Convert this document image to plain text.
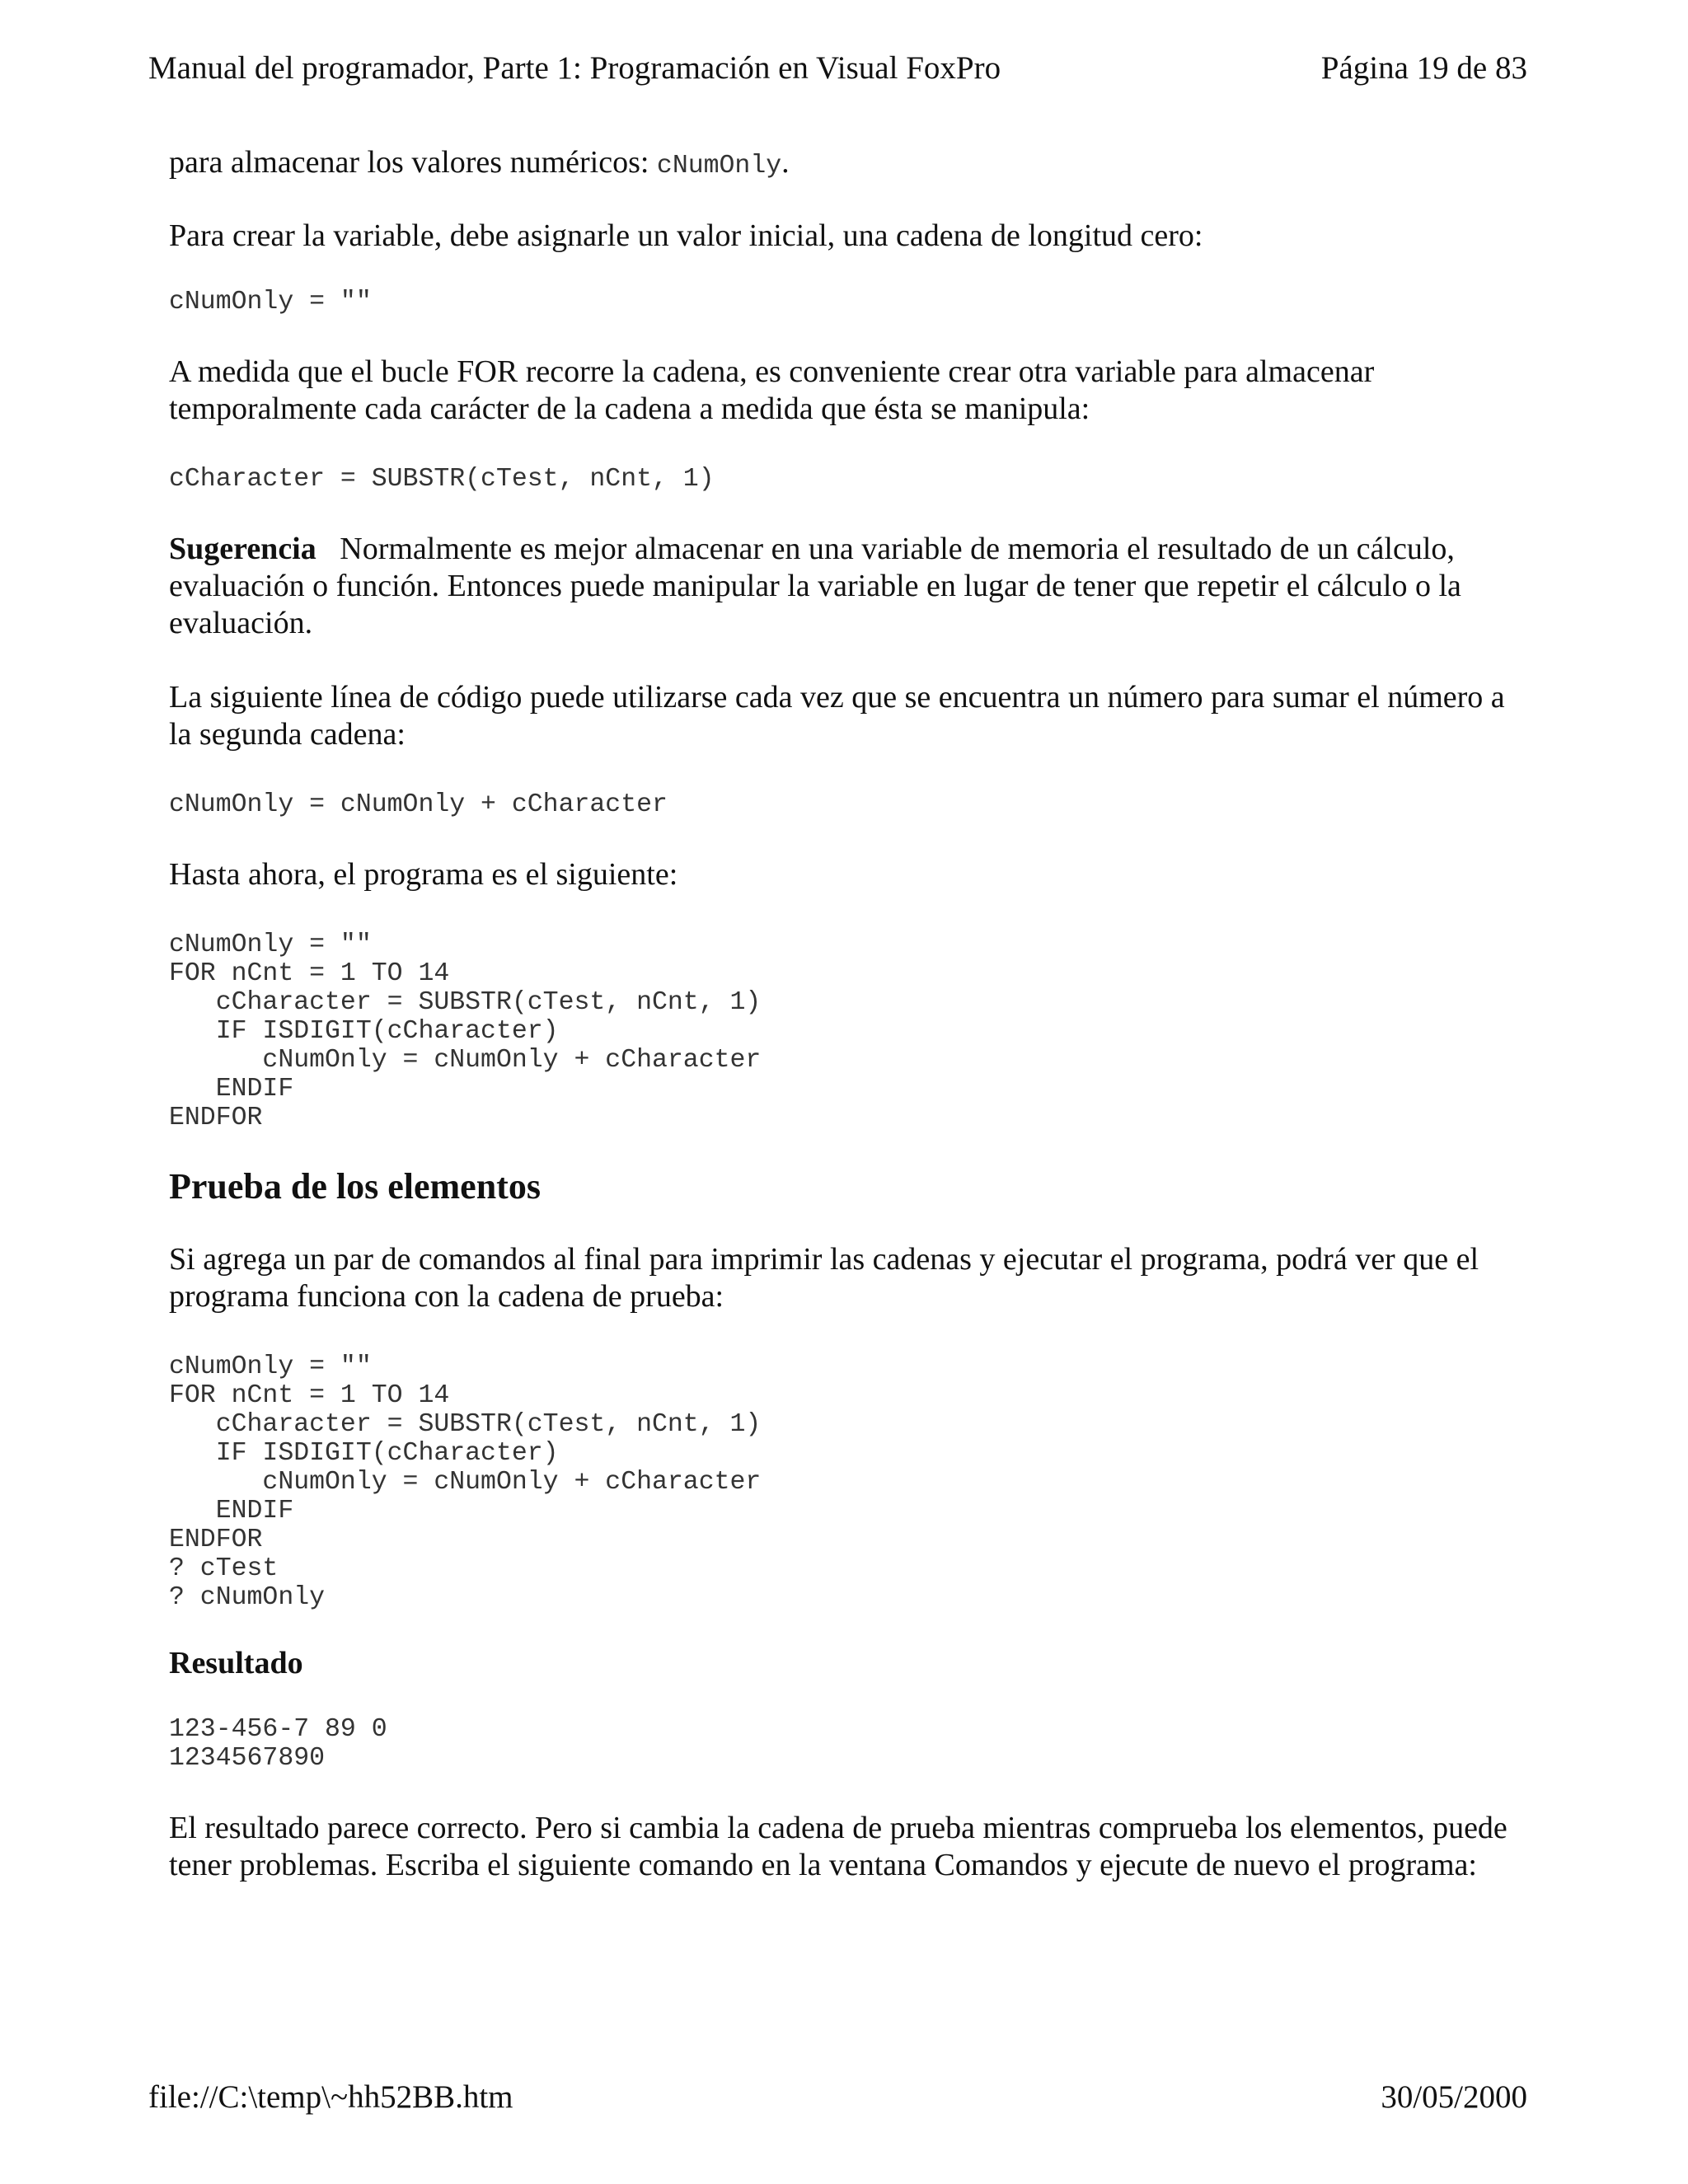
Manual del programador, Parte 1: Programación en Visual FoxPro	Página 19 de 83

para almacenar los valores numéricos: cNumOnly.

Para crear la variable, debe asignarle un valor inicial, una cadena de longitud cero:

cNumOnly = ""

A medida que el bucle FOR recorre la cadena, es conveniente crear otra variable para almacenar temporalmente cada carácter de la cadena a medida que ésta se manipula:

cCharacter = SUBSTR(cTest, nCnt, 1)

Sugerencia   Normalmente es mejor almacenar en una variable de memoria el resultado de un cálculo, evaluación o función. Entonces puede manipular la variable en lugar de tener que repetir el cálculo o la evaluación.

La siguiente línea de código puede utilizarse cada vez que se encuentra un número para sumar el número a la segunda cadena:

cNumOnly = cNumOnly + cCharacter

Hasta ahora, el programa es el siguiente:

cNumOnly = ""
FOR nCnt = 1 TO 14
cCharacter = SUBSTR(cTest, nCnt, 1)
IF ISDIGIT(cCharacter)
cNumOnly = cNumOnly + cCharacter
ENDIF
ENDFOR
Prueba de los elementos

Si agrega un par de comandos al final para imprimir las cadenas y ejecutar el programa, podrá ver que el programa funciona con la cadena de prueba:

cNumOnly = ""
FOR nCnt = 1 TO 14
cCharacter = SUBSTR(cTest, nCnt, 1)
IF ISDIGIT(cCharacter)
cNumOnly = cNumOnly + cCharacter
ENDIF
ENDFOR
? cTest
? cNumOnly
Resultado
123-456-7 89 0
1234567890

El resultado parece correcto. Pero si cambia la cadena de prueba mientras comprueba los elementos, puede tener problemas. Escriba el siguiente comando en la ventana Comandos y ejecute de nuevo el programa:

file://C:\temp\~hh52BB.htm	30/05/2000
